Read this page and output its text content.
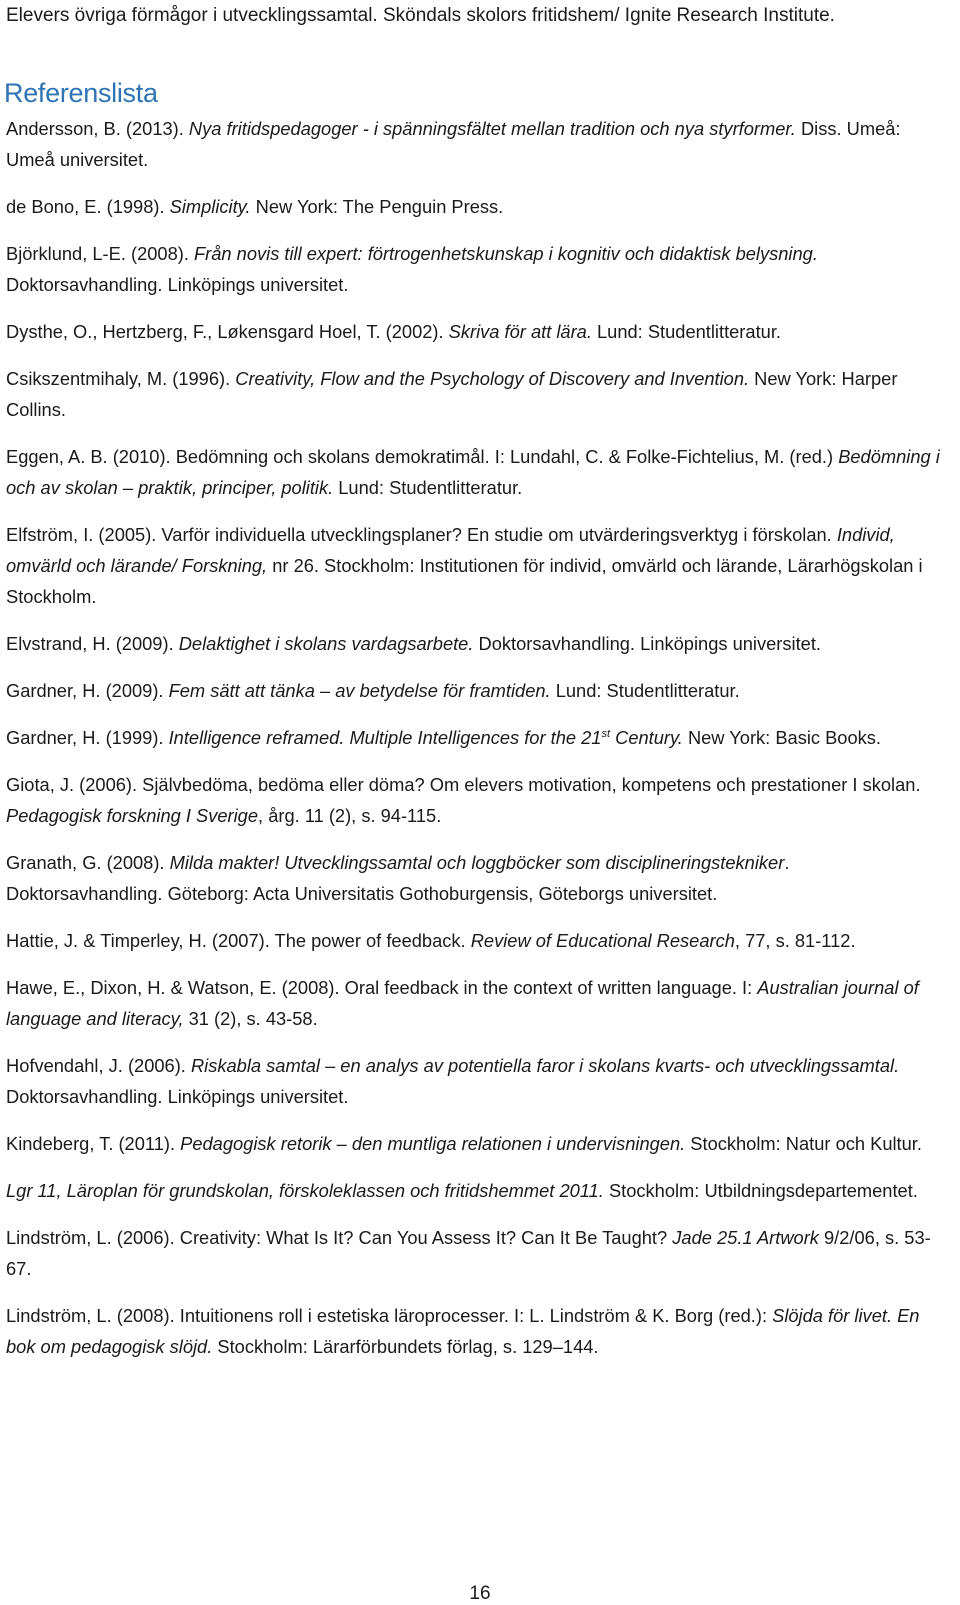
Elevers övriga förmågor i utvecklingssamtal. Sköndals skolors fritidshem/ Ignite Research Institute.
Referenslista

Andersson, B. (2013). Nya fritidspedagoger - i spänningsfältet mellan tradition och nya styrformer. Diss. Umeå: Umeå universitet.

de Bono, E. (1998). Simplicity. New York: The Penguin Press.

Björklund, L-E. (2008). Från novis till expert: förtrogenhetskunskap i kognitiv och didaktisk belysning. Doktorsavhandling. Linköpings universitet.

Dysthe, O., Hertzberg, F., Løkensgard Hoel, T. (2002). Skriva för att lära. Lund: Studentlitteratur.

Csikszentmihaly, M. (1996). Creativity, Flow and the Psychology of Discovery and Invention. New York: Harper Collins.

Eggen, A. B. (2010). Bedömning och skolans demokratimål. I: Lundahl, C. & Folke-Fichtelius, M. (red.) Bedömning i och av skolan – praktik, principer, politik. Lund: Studentlitteratur.

Elfström, I. (2005). Varför individuella utvecklingsplaner? En studie om utvärderingsverktyg i förskolan. Individ, omvärld och lärande/ Forskning, nr 26. Stockholm: Institutionen för individ, omvärld och lärande, Lärarhögskolan i Stockholm.

Elvstrand, H. (2009). Delaktighet i skolans vardagsarbete. Doktorsavhandling. Linköpings universitet.

Gardner, H. (2009). Fem sätt att tänka – av betydelse för framtiden. Lund: Studentlitteratur.

Gardner, H. (1999). Intelligence reframed. Multiple Intelligences for the 21st Century. New York: Basic Books.

Giota, J. (2006). Självbedöma, bedöma eller döma? Om elevers motivation, kompetens och prestationer I skolan. Pedagogisk forskning I Sverige, årg. 11 (2), s. 94-115.

Granath, G. (2008). Milda makter! Utvecklingssamtal och loggböcker som disciplineringstekniker. Doktorsavhandling. Göteborg: Acta Universitatis Gothoburgensis, Göteborgs universitet.

Hattie, J. & Timperley, H. (2007). The power of feedback. Review of Educational Research, 77, s. 81-112.

Hawe, E., Dixon, H. & Watson, E. (2008). Oral feedback in the context of written language. I: Australian journal of language and literacy, 31 (2), s. 43-58.

Hofvendahl, J. (2006). Riskabla samtal – en analys av potentiella faror i skolans kvarts- och utvecklingssamtal. Doktorsavhandling. Linköpings universitet.

Kindeberg, T. (2011). Pedagogisk retorik – den muntliga relationen i undervisningen. Stockholm: Natur och Kultur.

Lgr 11, Läroplan för grundskolan, förskoleklassen och fritidshemmet 2011. Stockholm: Utbildningsdepartementet.

Lindström, L. (2006). Creativity: What Is It? Can You Assess It? Can It Be Taught? Jade 25.1 Artwork 9/2/06, s. 53-67.

Lindström, L. (2008). Intuitionens roll i estetiska läroprocesser. I: L. Lindström & K. Borg (red.): Slöjda för livet. En bok om pedagogisk slöjd. Stockholm: Lärarförbundets förlag, s. 129–144.

16
